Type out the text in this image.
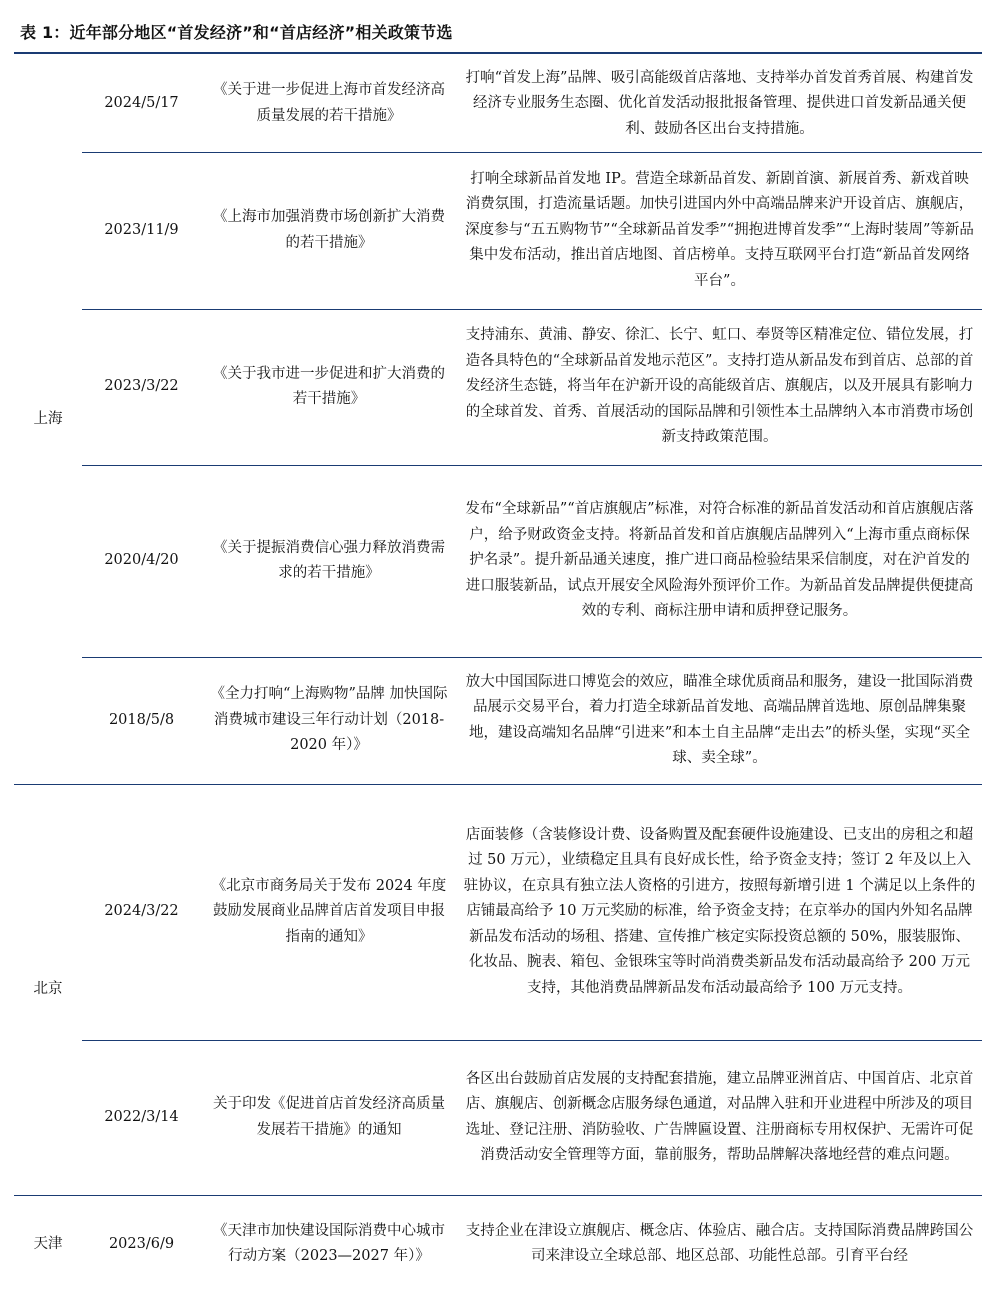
表 1：近年部分地区“首发经济”和“首店经济”相关政策节选
上海	2024/5/17	《关于进一步促进上海市首发经济高质量发展的若干措施》	打响“首发上海”品牌、吸引高能级首店落地、支持举办首发首秀首展、构建首发经济专业服务生态圈、优化首发活动报批报备管理、提供进口首发新品通关便利、鼓励各区出台支持措施。
	2023/11/9	《上海市加强消费市场创新扩大消费的若干措施》	打响全球新品首发地 IP。营造全球新品首发、新剧首演、新展首秀、新戏首映消费氛围，打造流量话题。加快引进国内外中高端品牌来沪开设首店、旗舰店，深度参与“五五购物节”“全球新品首发季”“拥抱进博首发季”“上海时装周”等新品集中发布活动，推出首店地图、首店榜单。支持互联网平台打造“新品首发网络平台”。
	2023/3/22	《关于我市进一步促进和扩大消费的若干措施》	支持浦东、黄浦、静安、徐汇、长宁、虹口、奉贤等区精准定位、错位发展，打造各具特色的“全球新品首发地示范区”。支持打造从新品发布到首店、总部的首发经济生态链，将当年在沪新开设的高能级首店、旗舰店，以及开展具有影响力的全球首发、首秀、首展活动的国际品牌和引领性本土品牌纳入本市消费市场创新支持政策范围。
	2020/4/20	《关于提振消费信心强力释放消费需求的若干措施》	发布“全球新品”“首店旗舰店”标准，对符合标准的新品首发活动和首店旗舰店落户，给予财政资金支持。将新品首发和首店旗舰店品牌列入“上海市重点商标保护名录”。提升新品通关速度，推广进口商品检验结果采信制度，对在沪首发的进口服装新品，试点开展安全风险海外预评价工作。为新品首发品牌提供便捷高效的专利、商标注册申请和质押登记服务。
	2018/5/8	《全力打响“上海购物”品牌 加快国际消费城市建设三年行动计划（2018-2020 年）》	放大中国国际进口博览会的效应，瞄准全球优质商品和服务，建设一批国际消费品展示交易平台，着力打造全球新品首发地、高端品牌首选地、原创品牌集聚地，建设高端知名品牌“引进来”和本土自主品牌“走出去”的桥头堡，实现“买全球、卖全球”。
北京	2024/3/22	《北京市商务局关于发布 2024 年度鼓励发展商业品牌首店首发项目申报指南的通知》	店面装修（含装修设计费、设备购置及配套硬件设施建设、已支出的房租之和超过 50 万元），业绩稳定且具有良好成长性，给予资金支持；签订 2 年及以上入驻协议，在京具有独立法人资格的引进方，按照每新增引进 1 个满足以上条件的店铺最高给予 10 万元奖励的标准，给予资金支持；在京举办的国内外知名品牌新品发布活动的场租、搭建、宣传推广核定实际投资总额的 50%，服装服饰、化妆品、腕表、箱包、金银珠宝等时尚消费类新品发布活动最高给予 200 万元支持，其他消费品牌新品发布活动最高给予 100 万元支持。
	2022/3/14	关于印发《促进首店首发经济高质量发展若干措施》的通知	各区出台鼓励首店发展的支持配套措施，建立品牌亚洲首店、中国首店、北京首店、旗舰店、创新概念店服务绿色通道，对品牌入驻和开业进程中所涉及的项目选址、登记注册、消防验收、广告牌匾设置、注册商标专用权保护、无需许可促消费活动安全管理等方面，靠前服务，帮助品牌解决落地经营的难点问题。
天津	2023/6/9	《天津市加快建设国际消费中心城市行动方案（2023—2027 年）》	支持企业在津设立旗舰店、概念店、体验店、融合店。支持国际消费品牌跨国公司来津设立全球总部、地区总部、功能性总部。引育平台经
